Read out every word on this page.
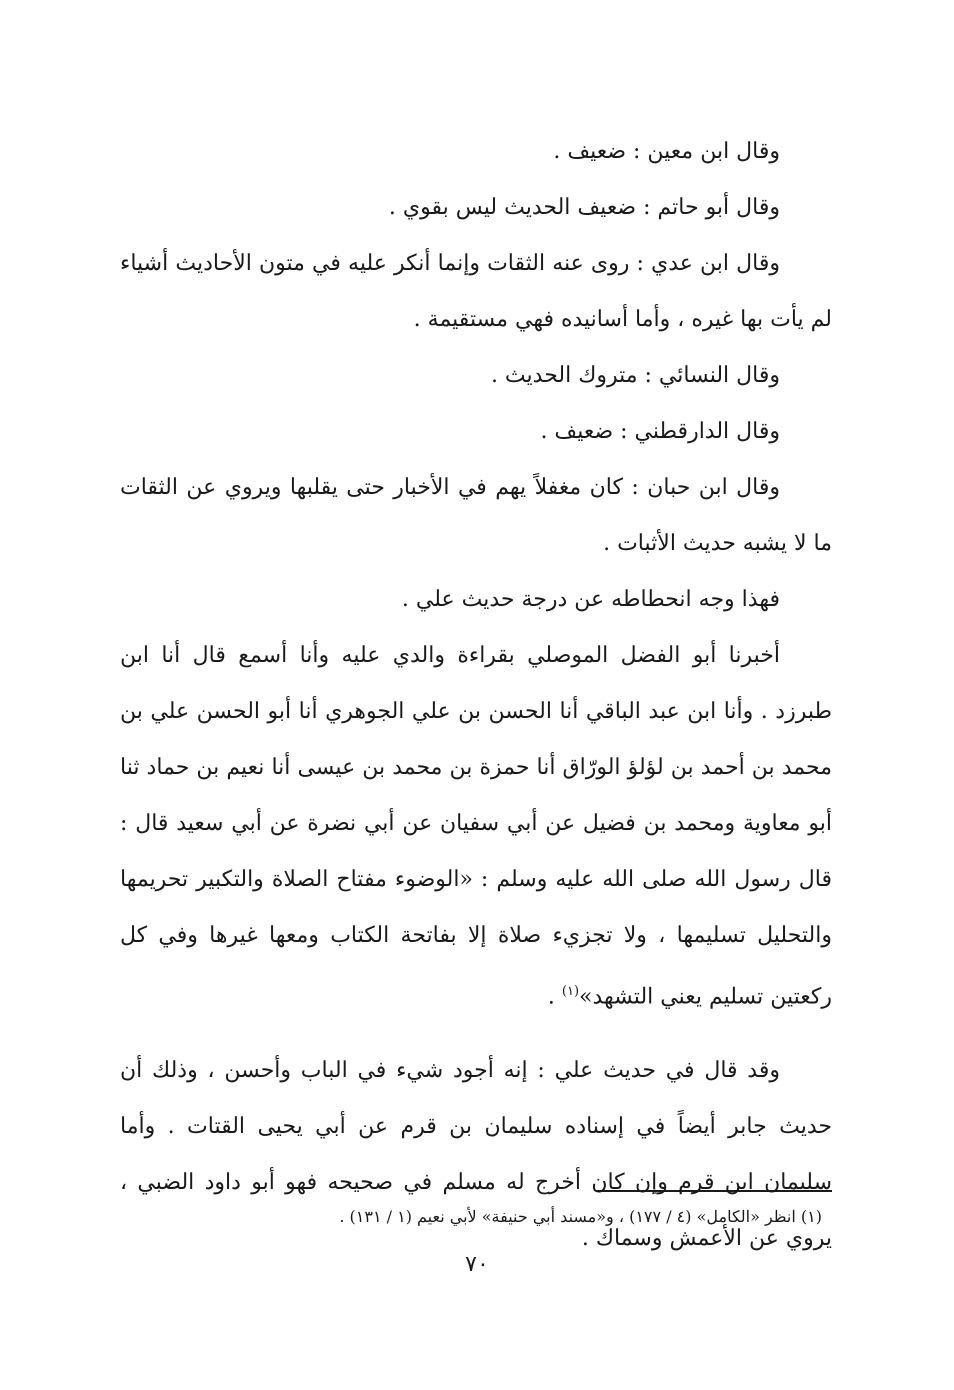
وقال ابن معين : ضعيف .

وقال أبو حاتم : ضعيف الحديث ليس بقوي .

وقال ابن عدي : روى عنه الثقات وإنما أنكر عليه في متون الأحاديث أشياء لم يأت بها غيره ، وأما أسانيده فهي مستقيمة .

وقال النسائي : متروك الحديث .

وقال الدارقطني : ضعيف .

وقال ابن حبان : كان مغفلاً يهم في الأخبار حتى يقلبها ويروي عن الثقات ما لا يشبه حديث الأثبات .

فهذا وجه انحطاطه عن درجة حديث علي .

أخبرنا أبو الفضل الموصلي بقراءة والدي عليه وأنا أسمع قال أنا ابن طبرزد . وأنا ابن عبد الباقي أنا الحسن بن علي الجوهري أنا أبو الحسن علي بن محمد بن أحمد بن لؤلؤ الورّاق أنا حمزة بن محمد بن عيسى أنا نعيم بن حماد ثنا أبو معاوية ومحمد بن فضيل عن أبي سفيان عن أبي نضرة عن أبي سعيد قال : قال رسول الله صلى الله عليه وسلم : «الوضوء مفتاح الصلاة والتكبير تحريمها والتحليل تسليمها ، ولا تجزيء صلاة إلا بفاتحة الكتاب ومعها غيرها وفي كل ركعتين تسليم يعني التشهد»$^{(١)}$ .

وقد قال في حديث علي : إنه أجود شيء في الباب وأحسن ، وذلك أن حديث جابر أيضاً في إسناده سليمان بن قرم عن أبي يحيى القتات . وأما سليمان ابن قرم وإن كان أخرج له مسلم في صحيحه فهو أبو داود الضبي ، يروي عن الأعمش وسماك .

(١) انظر «الكامل» (٤ / ١٧٧) ، و«مسند أبي حنيفة» لأبي نعيم (١ / ١٣١) .
٧٠
